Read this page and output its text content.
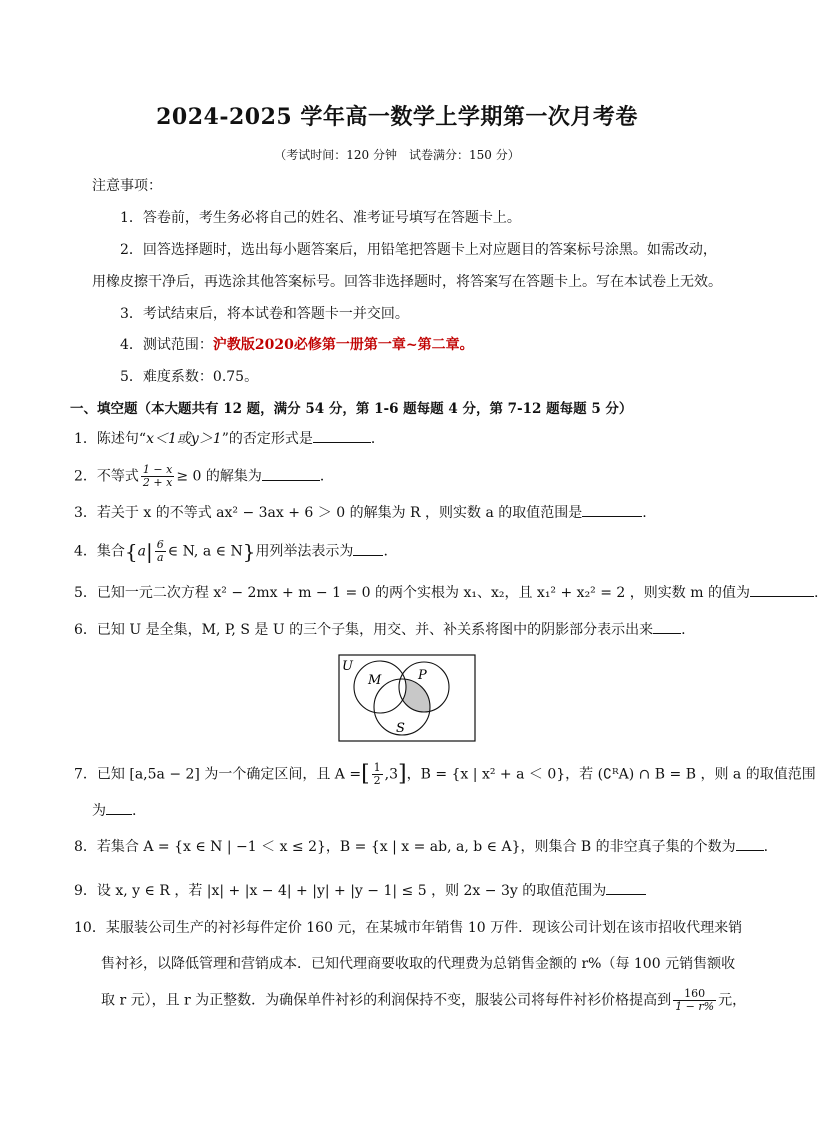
2024-2025 学年高一数学上学期第一次月考卷
（考试时间：120 分钟　试卷满分：150 分）
注意事项：
1．答卷前，考生务必将自己的姓名、准考证号填写在答题卡上。
2．回答选择题时，选出每小题答案后，用铅笔把答题卡上对应题目的答案标号涂黑。如需改动，
用橡皮擦干净后，再选涂其他答案标号。回答非选择题时，将答案写在答题卡上。写在本试卷上无效。
3．考试结束后，将本试卷和答题卡一并交回。
4．测试范围：沪教版2020必修第一册第一章~第二章。
5．难度系数：0.75。
一、填空题（本大题共有 12 题，满分 54 分，第 1-6 题每题 4 分，第 7-12 题每题 5 分）
1．陈述句“x＜1或y＞1”的否定形式是	．
2．不等式 $\frac{1 - x}{2 + x} \ge 0$ 的解集为	．
3．若关于 x 的不等式 ax² − 3ax + 6 ＞ 0 的解集为 R ，则实数 a 的取值范围是	.
4．集合{$a| \frac{6}{a}$ ∈ N, a ∈ N}用列举法表示为 .
5．已知一元二次方程 x² − 2mx + m − 1 = 0 的两个实根为 x₁、x₂，且 x₁² + x₂² = 2 ，则实数 m 的值为	.
6．已知 U 是全集，M, P, S 是 U 的三个子集，用交、并、补关系将图中的阴影部分表示出来 .
U
M	P
S
7．已知 [a,5a − 2] 为一个确定区间，且 A =[ $\frac{1}{2} ,3$]，B = {x | x² + a ＜ 0}，若 (∁ᴿA) ∩ B = B ，则 a 的取值范围
为 .
8．若集合 A = {x ∈ N | −1 ＜ x ≤ 2}，B = {x | x = ab, a, b ∈ A}，则集合 B 的非空真子集的个数为 .
9．设 x, y ∈ R ，若 |x| + |x − 4| + |y| + |y − 1| ≤ 5 ，则 2x − 3y 的取值范围为
10．某服装公司生产的衬衫每件定价 160 元，在某城市年销售 10 万件．现该公司计划在该市招收代理来销
售衬衫，以降低管理和营销成本．已知代理商要收取的代理费为总销售金额的 r%（每 100 元销售额收
取 r 元），且 r 为正整数．为确保单件衬衫的利润保持不变，服装公司将每件衬衫价格提高到 $\frac{160}{1 - r\%}$ 元，
